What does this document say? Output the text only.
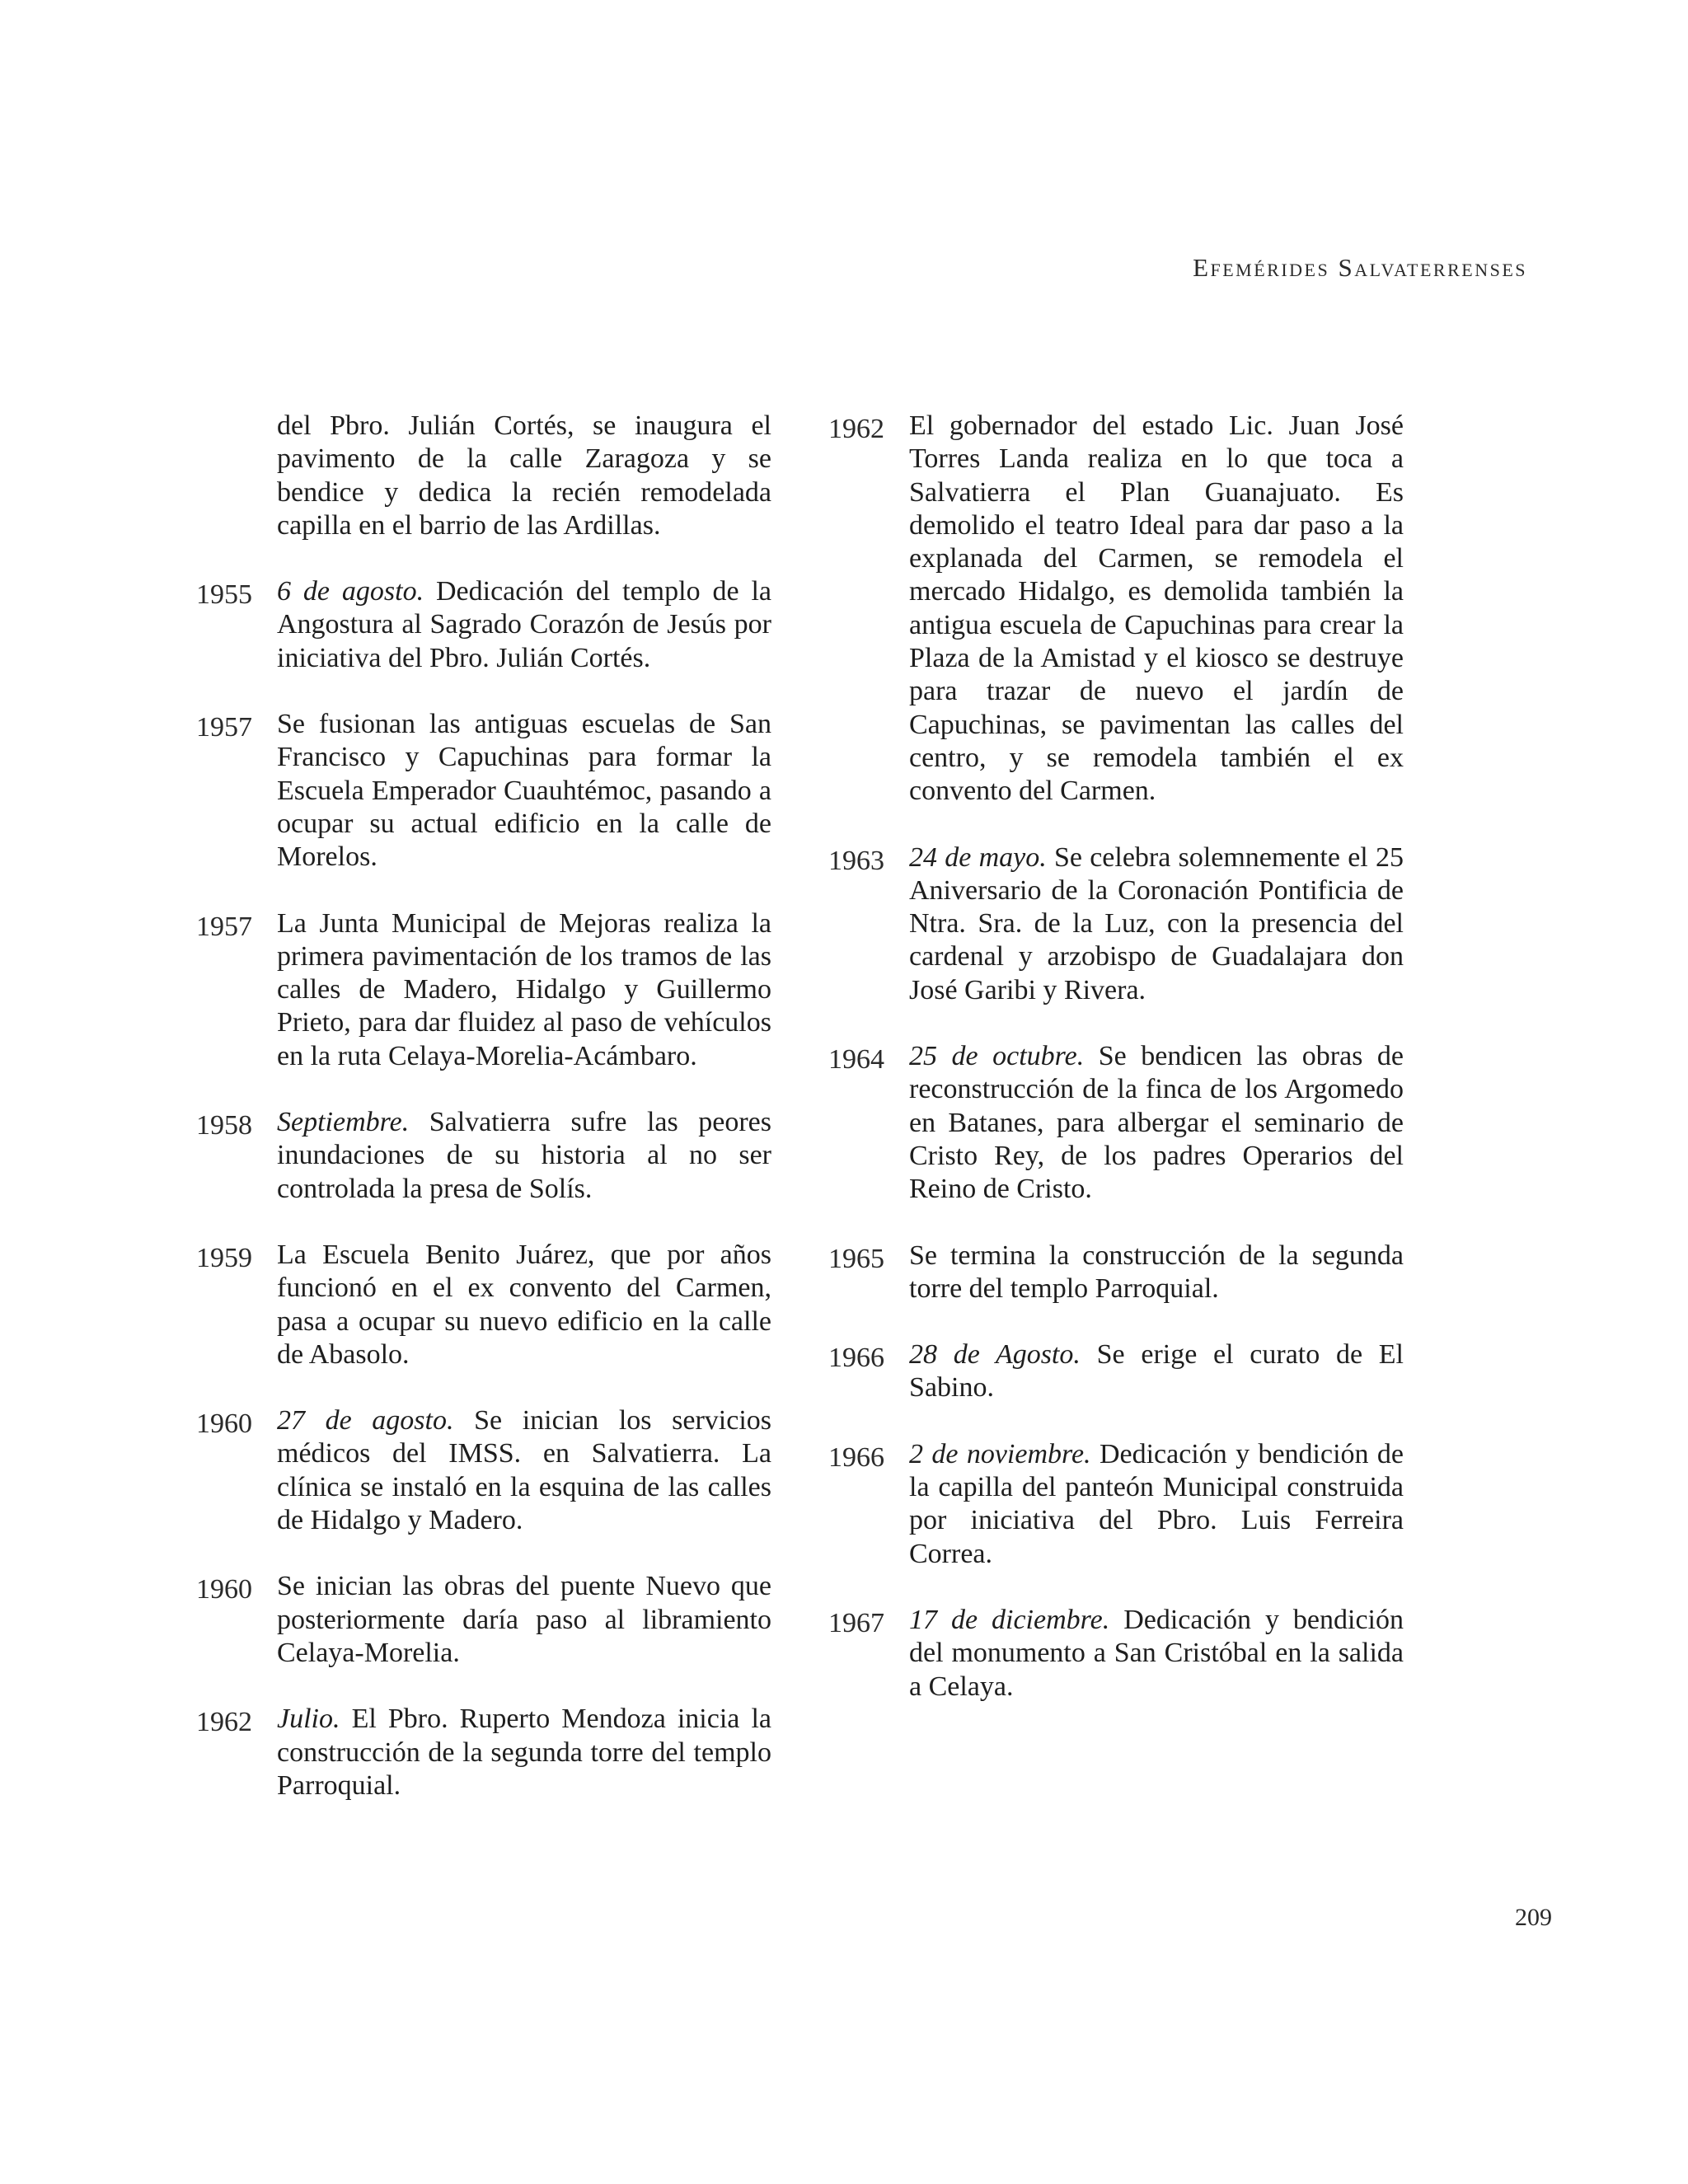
Efemérides Salvaterrenses

del Pbro. Julián Cortés, se inaugura el pavimento de la calle Zaragoza y se bendice y dedica la recién remodelada capilla en el barrio de las Ardillas.

1955 6 de agosto. Dedicación del templo de la Angostura al Sagrado Corazón de Jesús por iniciativa del Pbro. Julián Cortés.

1957 Se fusionan las antiguas escuelas de San Francisco y Capuchinas para formar la Escuela Emperador Cuauhtémoc, pasando a ocupar su actual edificio en la calle de Morelos.

1957 La Junta Municipal de Mejoras realiza la primera pavimentación de los tramos de las calles de Madero, Hidalgo y Guillermo Prieto, para dar fluidez al paso de vehículos en la ruta Celaya-Morelia-Acámbaro.

1958 Septiembre. Salvatierra sufre las peores inundaciones de su historia al no ser controlada la presa de Solís.

1959 La Escuela Benito Juárez, que por años funcionó en el ex convento del Carmen, pasa a ocupar su nuevo edificio en la calle de Abasolo.

1960 27 de agosto. Se inician los servicios médicos del IMSS. en Salvatierra. La clínica se instaló en la esquina de las calles de Hidalgo y Madero.

1960 Se inician las obras del puente Nuevo que posteriormente daría paso al libramiento Celaya-Morelia.

1962 Julio. El Pbro. Ruperto Mendoza inicia la construcción de la segunda torre del templo Parroquial.

1962 El gobernador del estado Lic. Juan José Torres Landa realiza en lo que toca a Salvatierra el Plan Guanajuato. Es demolido el teatro Ideal para dar paso a la explanada del Carmen, se remodela el mercado Hidalgo, es demolida también la antigua escuela de Capuchinas para crear la Plaza de la Amistad y el kiosco se destruye para trazar de nuevo el jardín de Capuchinas, se pavimentan las calles del centro, y se remodela también el ex convento del Carmen.

1963 24 de mayo. Se celebra solemnemente el 25 Aniversario de la Coronación Pontificia de Ntra. Sra. de la Luz, con la presencia del cardenal y arzobispo de Guadalajara don José Garibi y Rivera.

1964 25 de octubre. Se bendicen las obras de reconstrucción de la finca de los Argomedo en Batanes, para albergar el seminario de Cristo Rey, de los padres Operarios del Reino de Cristo.

1965 Se termina la construcción de la segunda torre del templo Parroquial.

1966 28 de Agosto. Se erige el curato de El Sabino.

1966 2 de noviembre. Dedicación y bendición de la capilla del panteón Municipal construida por iniciativa del Pbro. Luis Ferreira Correa.

1967 17 de diciembre. Dedicación y bendición del monumento a San Cristóbal en la salida a Celaya.

209
